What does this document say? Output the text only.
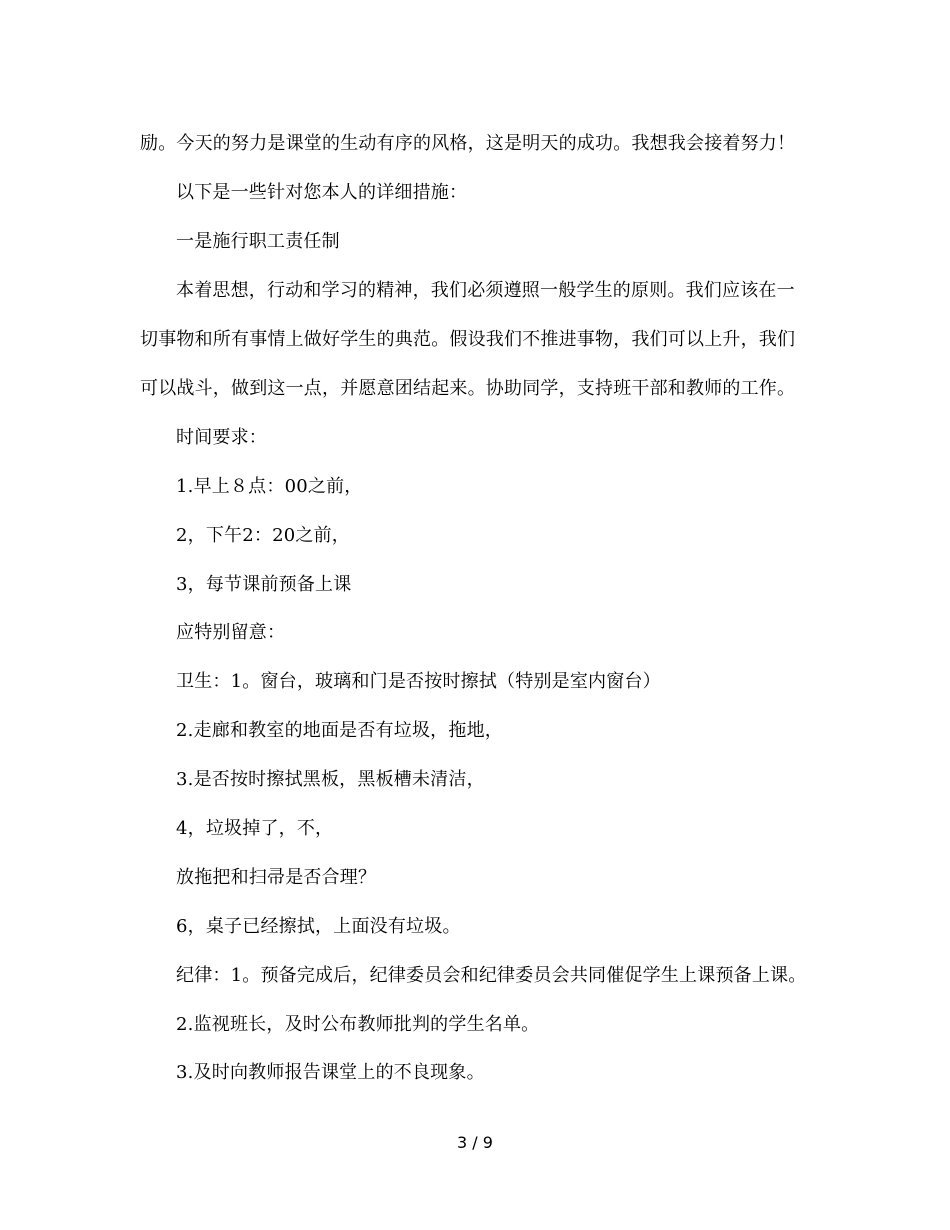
励。今天的努力是课堂的生动有序的风格，这是明天的成功。我想我会接着努力！
以下是一些针对您本人的详细措施：
一是施行职工责任制
本着思想，行动和学习的精神，我们必须遵照一般学生的原则。我们应该在一
切事物和所有事情上做好学生的典范。假设我们不推进事物，我们可以上升，我们
可以战斗，做到这一点，并愿意团结起来。协助同学，支持班干部和教师的工作。
时间要求：
1.早上８点：00之前，
2，下午2：20之前，
3，每节课前预备上课
应特别留意：
卫生：1。窗台，玻璃和门是否按时擦拭（特别是室内窗台）
2.走廊和教室的地面是否有垃圾，拖地，
3.是否按时擦拭黑板，黑板槽未清洁，
4，垃圾掉了，不，
放拖把和扫帚是否合理？
6，桌子已经擦拭，上面没有垃圾。
纪律：1。预备完成后，纪律委员会和纪律委员会共同催促学生上课预备上课。
2.监视班长，及时公布教师批判的学生名单。
3.及时向教师报告课堂上的不良现象。
3 / 9
